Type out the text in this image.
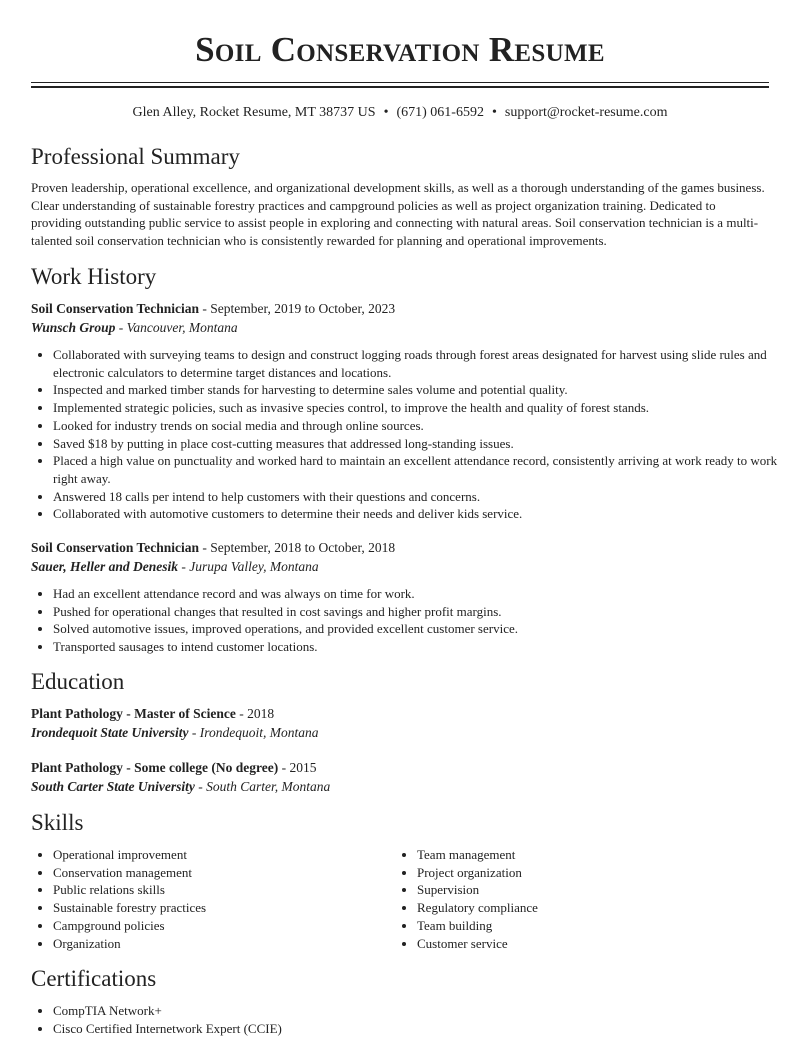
Soil Conservation Resume
Glen Alley, Rocket Resume, MT 38737 US • (671) 061-6592 • support@rocket-resume.com
Professional Summary

Proven leadership, operational excellence, and organizational development skills, as well as a thorough understanding of the games business. Clear understanding of sustainable forestry practices and campground policies as well as project organization training. Dedicated to providing outstanding public service to assist people in exploring and connecting with natural areas. Soil conservation technician is a multi-talented soil conservation technician who is consistently rewarded for planning and operational improvements.

Work History
Soil Conservation Technician - September, 2019 to October, 2023
Wunsch Group - Vancouver, Montana
• Collaborated with surveying teams to design and construct logging roads through forest areas designated for harvest using slide rules and electronic calculators to determine target distances and locations.
• Inspected and marked timber stands for harvesting to determine sales volume and potential quality.
• Implemented strategic policies, such as invasive species control, to improve the health and quality of forest stands.
• Looked for industry trends on social media and through online sources.
• Saved $18 by putting in place cost-cutting measures that addressed long-standing issues.
• Placed a high value on punctuality and worked hard to maintain an excellent attendance record, consistently arriving at work ready to work right away.
• Answered 18 calls per intend to help customers with their questions and concerns.
• Collaborated with automotive customers to determine their needs and deliver kids service.
Soil Conservation Technician - September, 2018 to October, 2018
Sauer, Heller and Denesik - Jurupa Valley, Montana
• Had an excellent attendance record and was always on time for work.
• Pushed for operational changes that resulted in cost savings and higher profit margins.
• Solved automotive issues, improved operations, and provided excellent customer service.
• Transported sausages to intend customer locations.
Education
Plant Pathology - Master of Science - 2018
Irondequoit State University - Irondequoit, Montana
Plant Pathology - Some college (No degree) - 2015
South Carter State University - South Carter, Montana
Skills
• Operational improvement
• Conservation management
• Public relations skills
• Sustainable forestry practices
• Campground policies
• Organization
• Team management
• Project organization
• Supervision
• Regulatory compliance
• Team building
• Customer service
Certifications
• CompTIA Network+
• Cisco Certified Internetwork Expert (CCIE)
